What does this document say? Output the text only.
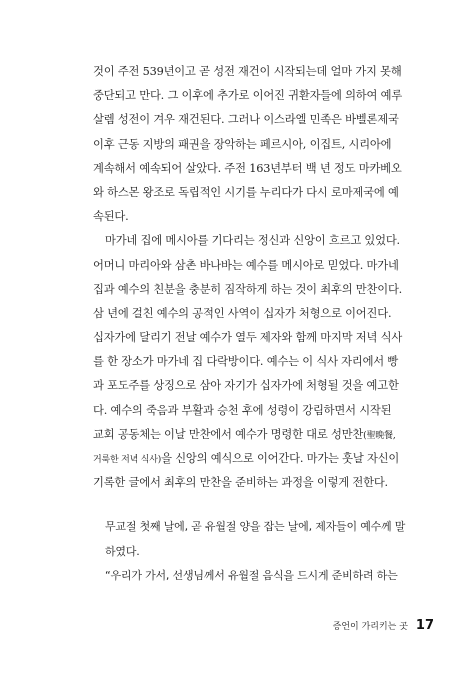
것이 주전 539년이고 곧 성전 재건이 시작되는데 얼마 가지 못해
중단되고 만다. 그 이후에 추가로 이어진 귀환자들에 의하여 예루
살렘 성전이 겨우 재건된다. 그러나 이스라엘 민족은 바벨론제국
이후 근동 지방의 패권을 장악하는 페르시아, 이집트, 시리아에
계속해서 예속되어 살았다. 주전 163년부터 백 년 정도 마카베오
와 하스몬 왕조로 독립적인 시기를 누리다가 다시 로마제국에 예
속된다.
마가네 집에 메시아를 기다리는 정신과 신앙이 흐르고 있었다.
어머니 마리아와 삼촌 바나바는 예수를 메시아로 믿었다. 마가네
집과 예수의 친분을 충분히 짐작하게 하는 것이 최후의 만찬이다.
삼 년에 걸친 예수의 공적인 사역이 십자가 처형으로 이어진다.
십자가에 달리기 전날 예수가 열두 제자와 함께 마지막 저녁 식사
를 한 장소가 마가네 집 다락방이다. 예수는 이 식사 자리에서 빵
과 포도주를 상징으로 삼아 자기가 십자가에 처형될 것을 예고한
다. 예수의 죽음과 부활과 승천 후에 성령이 강림하면서 시작된
교회 공동체는 이날 만찬에서 예수가 명령한 대로 성만찬(聖晩餐,
거룩한 저녁 식사)을 신앙의 예식으로 이어간다. 마가는 훗날 자신이
기록한 글에서 최후의 만찬을 준비하는 과정을 이렇게 전한다.
무교절 첫째 날에, 곧 유월절 양을 잡는 날에, 제자들이 예수께 말
하였다.
“우리가 가서, 선생님께서 유월절 음식을 드시게 준비하려 하는
증언이 가리키는 곳 17
